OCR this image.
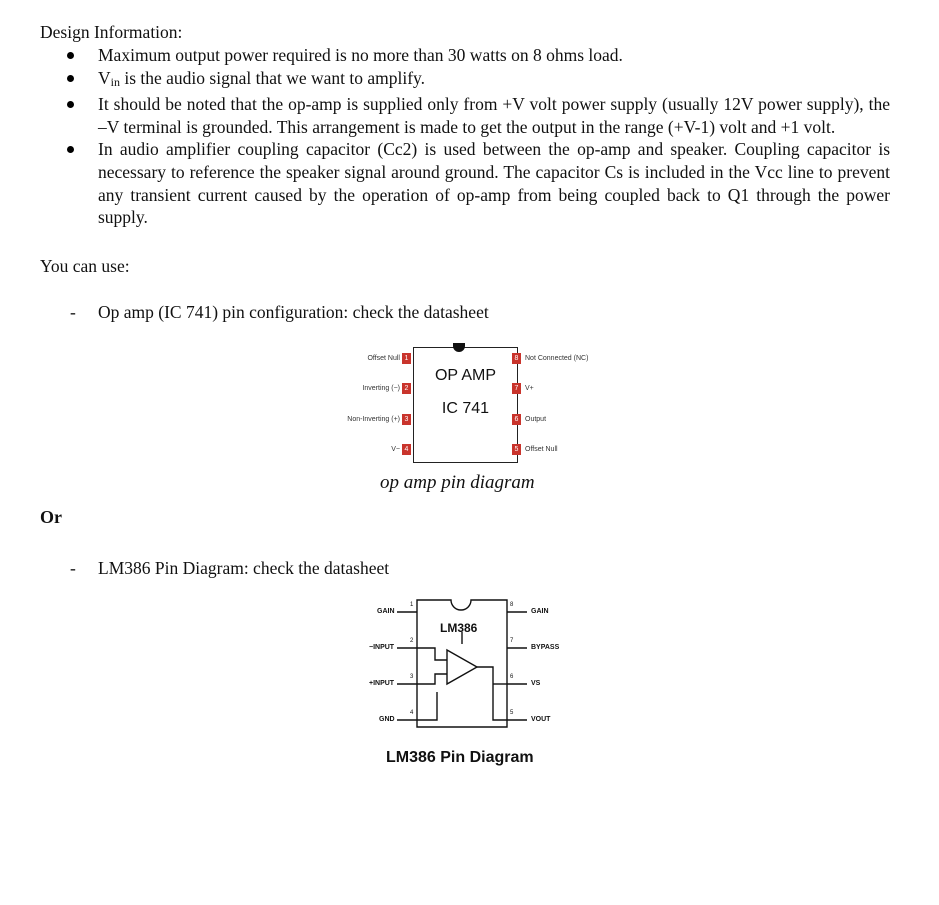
Design Information:
Maximum output power required is no more than 30 watts on 8 ohms load.
$V_{in}$ is the audio signal that we want to amplify.
It should be noted that the op-amp is supplied only from +V volt power supply (usually 12V power supply), the –V terminal is grounded. This arrangement is made to get the output in the range (+V-1) volt and +1 volt.
In audio amplifier coupling capacitor (Cc2) is used between the op-amp and speaker. Coupling capacitor is necessary to reference the speaker signal around ground. The capacitor Cs is included in the Vcc line to prevent any transient current caused by the operation of op-amp from being coupled back to Q1 through the power supply.
You can use:
- Op amp (IC 741) pin configuration: check the datasheet
OP AMP
IC 741
Offset Null 1
Inverting (−) 2
Non-Inverting (+) 3
V− 4
8 Not Connected (NC)
7 V+
6 Output
5 Offset Null
op amp pin diagram
Or
- LM386 Pin Diagram: check the datasheet
LM386
GAIN
−INPUT
+INPUT
GND
GAIN
BYPASS
VS
VOUT
1
2
3
4
8
7
6
5
LM386 Pin Diagram
